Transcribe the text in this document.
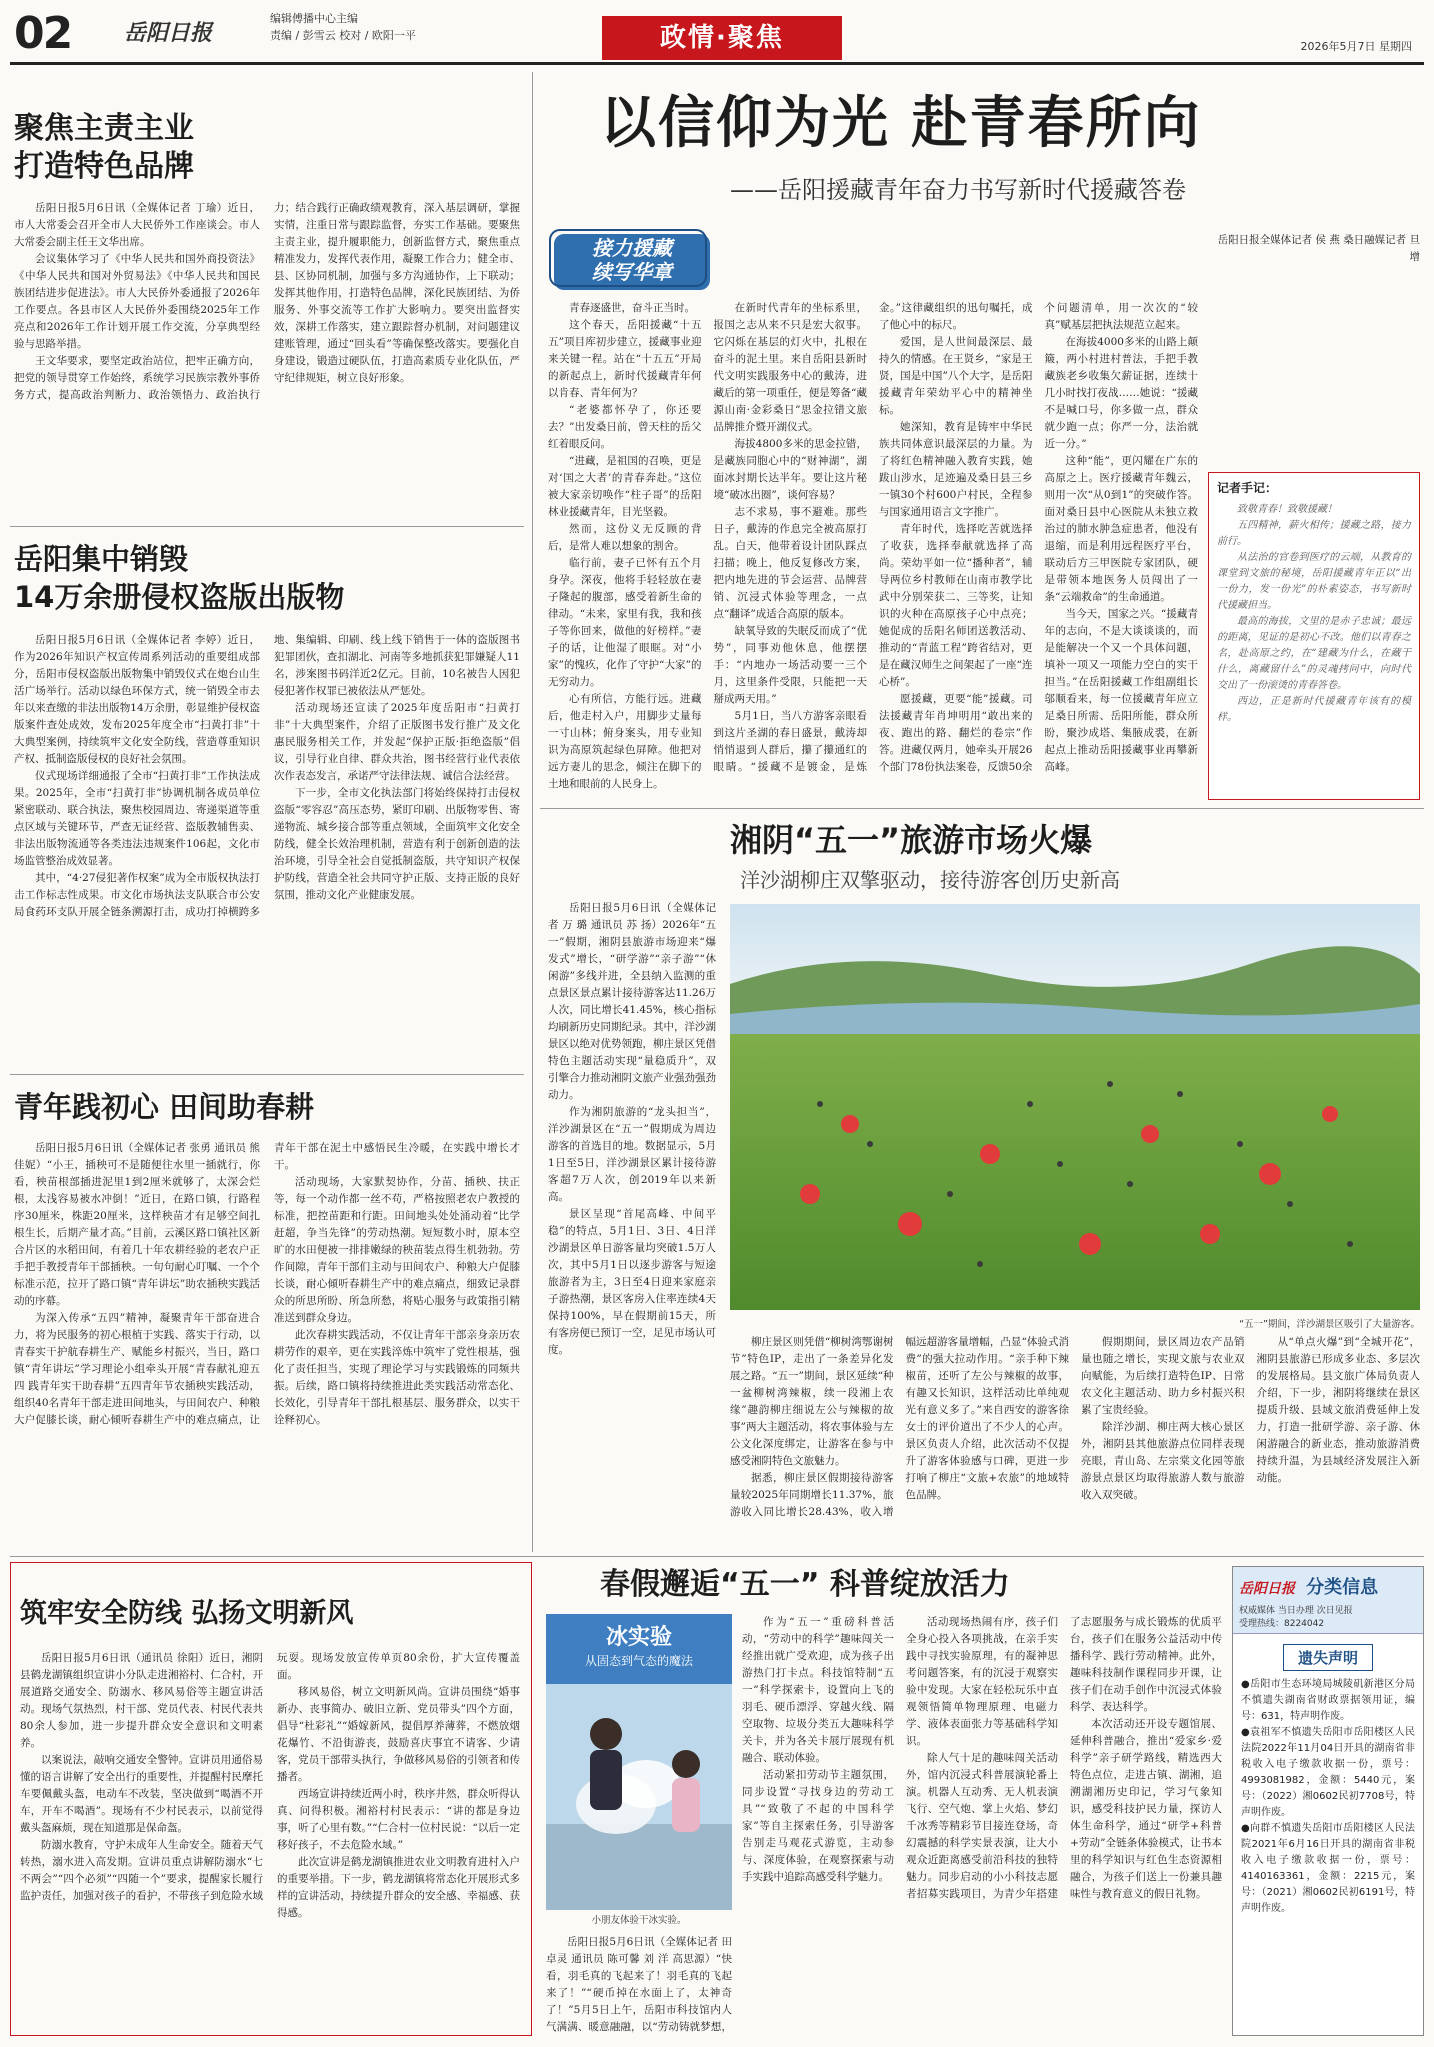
02 岳阳日报
编辑傅播中心主编
责编 / 彭雪云 校对 / 欧阳一平	政情·聚焦	2026年5月7日 星期四
聚焦主责主业
打造特色品牌

岳阳日报5月6日讯（全媒体记者 丁瑜）近日，市人大常委会召开全市人大民侨外工作座谈会。市人大常委会副主任王文华出席。

会议集体学习了《中华人民共和国外商投资法》《中华人民共和国对外贸易法》《中华人民共和国民族团结进步促进法》。市人大民侨外委通报了2026年工作要点。各县市区人大民侨外委围绕2025年工作亮点和2026年工作计划开展工作交流，分享典型经验与思路举措。

王文华要求，要坚定政治站位，把牢正确方向，把党的领导贯穿工作始终，系统学习民族宗教外事侨务方式，提高政治判断力、政治领悟力、政治执行力；结合践行正确政绩观教育，深入基层调研，掌握实情，注重日常与跟踪监督，夯实工作基础。要聚焦主责主业，提升履职能力，创新监督方式，聚焦重点精准发力，发挥代表作用，凝聚工作合力；健全市、县、区协同机制，加强与多方沟通协作，上下联动；发挥其他作用，打造特色品牌，深化民族团结、为侨服务、外事交流等工作扩大影响力。要突出监督实效，深耕工作落实，建立跟踪督办机制，对问题建议建账管理，通过“回头看”等确保整改落实。要强化自身建设，锻造过硬队伍，打造高素质专业化队伍，严守纪律规矩，树立良好形象。

岳阳集中销毁
14万余册侵权盗版出版物

岳阳日报5月6日讯（全媒体记者 李婷）近日，作为2026年知识产权宣传周系列活动的重要组成部分，岳阳市侵权盗版出版物集中销毁仪式在炮台山生活广场举行。活动以绿色环保方式，统一销毁全市去年以来查缴的非法出版物14万余册，彰显维护侵权盗版案件查处成效，发布2025年度全市“扫黄打非”十大典型案例，持续筑牢文化安全防线，营造尊重知识产权、抵制盗版侵权的良好社会氛围。

仪式现场详细通报了全市“扫黄打非”工作执法成果。2025年，全市“扫黄打非”协调机制各成员单位紧密联动、联合执法，聚焦校园周边、寄递渠道等重点区域与关键环节，严查无证经营、盗版教辅售卖、非法出版物流通等各类违法违规案件106起，文化市场监管整治成效显著。

其中，“4·27侵犯著作权案”成为全市版权执法打击工作标志性成果。市文化市场执法支队联合市公安局食药环支队开展全链条溯源打击，成功打掉横跨多地、集编辑、印刷、线上线下销售于一体的盗版图书犯罪团伙，查扣湖北、河南等多地抓获犯罪嫌疑人11名，涉案图书码洋近2亿元。目前，10名被告人因犯侵犯著作权罪已被依法从严惩处。

活动现场还宣读了2025年度岳阳市“扫黄打非”十大典型案件，介绍了正版图书发行推广及文化惠民服务相关工作，并发起“保护正版·拒绝盗版”倡议，引导行业自律、群众共治，图书经营行业代表依次作表态发言，承诺严守法律法规、诚信合法经营。

下一步，全市文化执法部门将始终保持打击侵权盗版“零容忍”高压态势，紧盯印刷、出版物零售、寄递物流、城乡接合部等重点领域，全面筑牢文化安全防线，健全长效治理机制，营造有利于创新创造的法治环境，引导全社会自觉抵制盗版，共守知识产权保护防线，营造全社会共同守护正版、支持正版的良好氛围，推动文化产业健康发展。

青年践初心 田间助春耕

岳阳日报5月6日讯（全媒体记者 张勇 通讯员 熊佳妮）“小王，插秧可不是随便往水里一插就行，你看，秧苗根部插进泥里1到2厘米就够了，太深会烂根，太浅容易被水冲倒！”近日，在路口镇，行路程序30厘米，株距20厘米，这样秧苗才有足够空间扎根生长，后期产量才高。”目前，云溪区路口镇社区新合片区的水稻田间，有着几十年农耕经验的老农户正手把手教授青年干部插秧。一句句耐心叮嘱、一个个标准示范，拉开了路口镇“青年讲坛”助农插秧实践活动的序幕。

为深入传承“五四”精神，凝聚青年干部奋进合力，将为民服务的初心根植于实践、落实于行动，以青春实干护航春耕生产、赋能乡村振兴，当日，路口镇“青年讲坛”学习理论小组牵头开展“青春献礼迎五四 践青年实干助春耕”五四青年节农插秧实践活动，组织40名青年干部走进田间地头，与田间农户、种粮大户促膝长谈，耐心倾听春耕生产中的难点痛点，让青年干部在泥土中感悟民生冷暖，在实践中增长才干。

活动现场，大家默契协作，分苗、插秧、扶正等，每一个动作都一丝不苟，严格按照老农户教授的标准，把控苗距和行距。田间地头处处涌动着“比学赶超，争当先锋”的劳动热潮。短短数小时，原本空旷的水田便被一排排嫩绿的秧苗装点得生机勃勃。劳作间隙，青年干部们主动与田间农户、种粮大户促膝长谈，耐心倾听春耕生产中的难点痛点，细致记录群众的所思所盼、所急所愁，将贴心服务与政策指引精准送到群众身边。

此次春耕实践活动，不仅让青年干部亲身亲历农耕劳作的艰辛，更在实践淬炼中筑牢了党性根基，强化了责任担当，实现了理论学习与实践锻炼的同频共振。后续，路口镇将持续推进此类实践活动常态化、长效化，引导青年干部扎根基层、服务群众，以实干诠释初心。

以信仰为光 赴青春所向
——岳阳援藏青年奋力书写新时代援藏答卷
接力援藏
续写华章

青春逐盛世，奋斗正当时。

这个春天，岳阳援藏“十五五”项目库初步建立，援藏事业迎来关键一程。站在“十五五”开局的新起点上，新时代援藏青年何以肯春、青年何为？

“老婆都怀孕了，你还要去？”出发桑日前，曾天柱的岳父红着眼反问。

“进藏，是祖国的召唤，更是对‘国之大者’的青春奔赴。”这位被大家亲切唤作“柱子哥”的岳阳林业援藏青年，目光坚毅。

然而，这份义无反顾的背后，是常人难以想象的割舍。

临行前，妻子已怀有五个月身孕。深夜，他将手轻轻放在妻子隆起的腹部，感受着新生命的律动。“未来，家里有我，我和孩子等你回来，做他的好榜样。”妻子的话，让他湿了眼眶。对“小家”的愧疚，化作了守护“大家”的无穷动力。

心有所信，方能行远。进藏后，他走村入户，用脚步丈量每一寸山林；俯身案头，用专业知识为高原筑起绿色屏障。他把对远方妻儿的思念，倾注在脚下的土地和眼前的人民身上。

在新时代青年的坐标系里，报国之志从来不只是宏大叙事。它闪烁在基层的灯火中，扎根在奋斗的泥土里。来自岳阳县新时代文明实践服务中心的戴涛，进藏后的第一项重任，便是筹备“藏源山南·金彩桑日”思金拉错文旅品牌推介暨开湖仪式。

海拔4800多米的思金拉错，是藏族同胞心中的“财神湖”，湖面冰封期长达半年。要让这片秘境“破冰出圈”，谈何容易？

志不求易，事不避难。那些日子，戴涛的作息完全被高原打乱。白天，他带着设计团队踩点扫描；晚上，他反复修改方案，把内地先进的节会运营、品牌营销、沉浸式体验等理念，一点点“翻译”成适合高原的版本。

缺氧导致的失眠反而成了“优势”，同事劝他休息，他摆摆手：“内地办一场活动要一三个月，这里条件受限，只能把一天掰成两天用。”

5月1日，当八方游客亲眼看到这片圣湖的春日盛景，戴涛却悄悄退到人群后，攥了攥通红的眼睛。“援藏不是镀金，是炼金。”这律藏组织的迅句嘱托，成了他心中的标尺。

爱国，是人世间最深层、最持久的情感。在王贤乡，“家是王贤，国是中国”八个大字，是岳阳援藏青年荣幼平心中的精神坐标。

她深知，教育是铸牢中华民族共同体意识最深层的力量。为了将红色精神融入教育实践，她跋山涉水，足迹遍及桑日县三乡一镇30个村600户村民，全程参与国家通用语言文字推广。

青年时代，选择吃苦就选择了收获，选择奉献就选择了高尚。荣幼平如一位“播种者”，辅导两位乡村教师在山南市教学比武中分别荣获二、三等奖，让知识的火种在高原孩子心中点亮；她促成的岳阳名师团送教活动、推动的“青蓝工程”跨省结对，更是在藏汉师生之间架起了一座“连心桥”。

愿援藏，更要“能”援藏。司法援藏青年肖坤明用“敢出来的夜、跑出的路、翻烂的卷宗”作答。进藏仅两月，她牵头开展26个部门78份执法案卷，反馈50余个问题清单，用一次次的“较真”赋基层把执法规范立起来。

在海拔4000多米的山路上颠簸，两小村进村普法，手把手教藏族老乡收集欠薪证据，连续十几小时找打夜战……她说：“援藏不是喊口号，你多做一点，群众就少跑一点；你严一分，法治就近一分。”

这种“能”，更闪耀在广东的高原之上。医疗援藏青年魏云，则用一次“从0到1”的突破作答。面对桑日县中心医院从未独立救治过的肺水肿急症患者，他没有退缩，而是利用远程医疗平台，联动后方三甲医院专家团队，硬是带领本地医务人员闯出了一条“云端救命”的生命通道。

当今天，国家之兴。“援藏青年的志向，不是大谈谈谈的，而是能解决一个又一个具体问题，填补一项又一项能力空白的实干担当。”在岳阳援藏工作组副组长邬顺看来，每一位援藏青年应立足桑日所需、岳阳所能，群众所盼，聚沙成塔、集腋成裘，在新起点上推动岳阳援藏事业再攀新高峰。

岳阳日报全媒体记者 侯 燕 桑日融媒记者 旦 增

记者手记：

致敬青春！致敬援藏！

五四精神，薪火相传；援藏之路，接力前行。

从法治的官卷到医疗的云端，从教育的课堂到文旅的秘境，岳阳援藏青年正以“出一份力，发一份光”的朴素姿态，书写新时代援藏担当。

最高的海拔，文里的是赤子忠诚；最远的距离，见证的是初心不改。他们以青春之名，赴高原之约，在“建藏为什么，在藏干什么，离藏留什么”的灵魂拷问中，向时代交出了一份滚烫的青春答卷。

西边，正是新时代援藏青年该有的模样。

湘阴“五一”旅游市场火爆
洋沙湖柳庄双擎驱动，接待游客创历史新高

岳阳日报5月6日讯（全媒体记者 万 璐 通讯员 苏 扬）2026年“五一”假期，湘阴县旅游市场迎来“爆发式”增长，“研学游”“亲子游”“休闲游”多线并进，全县纳入监测的重点景区景点累计接待游客达11.26万人次，同比增长41.45%，核心指标均刷新历史同期纪录。其中，洋沙湖景区以绝对优势领跑，柳庄景区凭借特色主题活动实现“量稳质升”，双引擎合力推动湘阴文旅产业强劲强劲动力。

作为湘阴旅游的“龙头担当”，洋沙湖景区在“五一”假期成为周边游客的首选目的地。数据显示，5月1日至5日，洋沙湖景区累计接待游客超7万人次，创2019年以来新高。

景区呈现“首尾高峰、中间平稳”的特点，5月1日、3日、4日洋沙湖景区单日游客量均突破1.5万人次，其中5月1日以逐步游客与短途旅游者为主，3日至4日迎来家庭亲子游热潮，景区客房入住率连续4天保持100%，早在假期前15天，所有客房便已预订一空，足见市场认可度。

“五一”期间，洋沙湖景区吸引了大量游客。

柳庄景区则凭借“柳树湾鄂谢树节”特色IP，走出了一条差异化发展之路。“五一”期间，景区延续“种一盆柳树湾辣椒，续一段湘上农缘”趣韵柳庄细说左公与辣椒的故事”两大主题活动，将农事体验与左公文化深度绑定，让游客在参与中感受湘阴特色文旅魅力。

据悉，柳庄景区假期接待游客量较2025年同期增长11.37%，旅游收入同比增长28.43%，收入增幅远超游客量增幅，凸显“体验式消费”的强大拉动作用。“亲手种下辣椒苗，还听了左公与辣椒的故事，有趣又长知识，这样活动比单纯观光有意义多了。”来自西安的游客徐女士的评价道出了不少人的心声。景区负责人介绍，此次活动不仅提升了游客体验感与口碑，更进一步打响了柳庄“文旅+农旅”的地域特色品牌。

假期期间，景区周边农产品销量也随之增长，实现文旅与农业双向赋能，为后续打造特色IP、日常农文化主题活动、助力乡村振兴积累了宝贵经验。

除洋沙湖、柳庄两大核心景区外，湘阴县其他旅游点位同样表现亮眼，青山岛、左宗棠文化园等旅游景点景区均取得旅游人数与旅游收入双突破。

从“单点火爆”到“全城开花”，湘阴县旅游已形成多业态、多层次的发展格局。县文旅广体局负责人介绍，下一步，湘阴将继续在景区提质升级、县域文旅消费延伸上发力，打造一批研学游、亲子游、休闲游融合的新业态，推动旅游消费持续升温，为县域经济发展注入新动能。

筑牢安全防线 弘扬文明新风

岳阳日报5月6日讯（通讯员 徐阳）近日，湘阴县鹤龙湖镇组织宣讲小分队走进湘裕村、仁合村，开展道路交通安全、防溺水、移风易俗等主题宣讲活动。现场气氛热烈，村干部、党员代表、村民代表共80余人参加，进一步提升群众安全意识和文明素养。

以案说法，敲响交通安全警钟。宣讲员用通俗易懂的语言讲解了安全出行的重要性，并提醒村民摩托车要佩戴头盔，电动车不改装，坚决做到“喝酒不开车，开车不喝酒”。现场有不少村民表示，以前觉得戴头盔麻烦，现在知道那是保命盔。

防溺水教育，守护未成年人生命安全。随着天气转热，溺水进入高发期。宣讲员重点讲解防溺水“七不两会”“四个必须”“四随一个”要求，提醒家长履行监护责任，加强对孩子的看护，不带孩子到危险水域玩耍。现场发放宣传单页80余份，扩大宣传覆盖面。

移风易俗，树立文明新风尚。宣讲员围绕“婚事新办、丧事简办、破旧立新、党员带头”四个方面，倡导“杜彩礼”“婚嫁新风，提倡厚养薄葬，不燃放烟花爆竹、不沿街游丧，鼓励喜庆事宜不请客、少请客，党员干部带头执行，争做移风易俗的引领者和传播者。

西场宣讲持续近两小时，秩序井然，群众听得认真、问得积极。湘裕村村民表示：“讲的都是身边事，听了心里有数。”“仁合村一位村民说：“以后一定移好孩子，不去危险水域。”

此次宣讲是鹤龙湖镇推进农业文明教育进村入户的重要举措。下一步，鹤龙湖镇将常态化开展形式多样的宣讲活动，持续提升群众的安全感、幸福感、获得感。

春假邂逅“五一” 科普绽放活力
冰实验
从固态到气态的魔法
小朋友体验干冰实验。

岳阳日报5月6日讯（全媒体记者 田卓灵 通讯员 陈可馨 刘 洋 高思源）“快看，羽毛真的飞起来了！羽毛真的飞起来了！”“硬币掉在水面上了，太神奇了！”5月5日上午，岳阳市科技馆内人气满满、暖意融融，以“劳动铸就梦想，

作为“五一”重磅科普活动，“劳动中的科学”趣味闯关一经推出就广受欢迎，成为孩子出游热门打卡点。科技馆特制“五一”科学探索卡，设置向上飞的羽毛、硬币漂浮、穿越火线、隔空取物、垃圾分类五大趣味科学关卡，并为各关卡展厅展现有机融合、联动体验。

活动紧扣劳动节主题氛围，同步设置“寻找身边的劳动工具”“致敬了不起的中国科学家”等自主探索任务，引导游客告别走马观花式游览，主动参与、深度体验，在观察探索与动手实践中追踪高感受科学魅力。

活动现场热闹有序，孩子们全身心投入各项挑战，在亲手实践中寻找实验原理，有的凝神思考问题答案，有的沉浸于观察实验中发现。大家在轻松玩乐中直观领悟简单物理原理、电磁力学、液体表面张力等基础科学知识。

除人气十足的趣味闯关活动外，馆内沉浸式科普展演轮番上演。机器人互动秀、无人机表演飞行、空气炮、掌上火焰、梦幻千冰秀等精彩节目接连登场，奇幻震撼的科学实景表演，让大小观众近距离感受前沿科技的独特魅力。同步启动的小小科技志愿者招募实践项目，为青少年搭建了志愿服务与成长锻炼的优质平台，孩子们在服务公益活动中传播科学、践行劳动精神。此外，趣味科技制作课程同步开课，让孩子们在动手创作中沉浸式体验科学、表达科学。

本次活动还开设专题馆展、延伸科普融合，推出“爱家乡·爱科学”亲子研学路线，精选西大特色点位，走进古镇、湖湘，追溯湖湘历史印记，学习气象知识，感受科技护民力量，探访人体生命科学，通过“研学+科普+劳动”全链条体验模式，让书本里的科学知识与红色生态资源相融合，为孩子们送上一份兼具趣味性与教育意义的假日礼物。

岳阳日报 分类信息
权威媒体 当日办理 次日见报
受理热线：8224042
遗失声明
●岳阳市生态环境局城陵矶新港区分局不慎遗失湖南省财政票据领用证，编号：631，特声明作废。
●袁祖军不慎遗失岳阳市岳阳楼区人民法院2022年11月04日开具的湖南省非税收入电子缴款收据一份，票号：4993081982，金额：5440元，案号：（2022）湘0602民初7708号，特声明作废。
●向群不慎遗失岳阳市岳阳楼区人民法院2021年6月16日开具的湖南省非税收入电子缴款收据一份，票号：4140163361，金额：2215元，案号：（2021）湘0602民初6191号，特声明作废。
